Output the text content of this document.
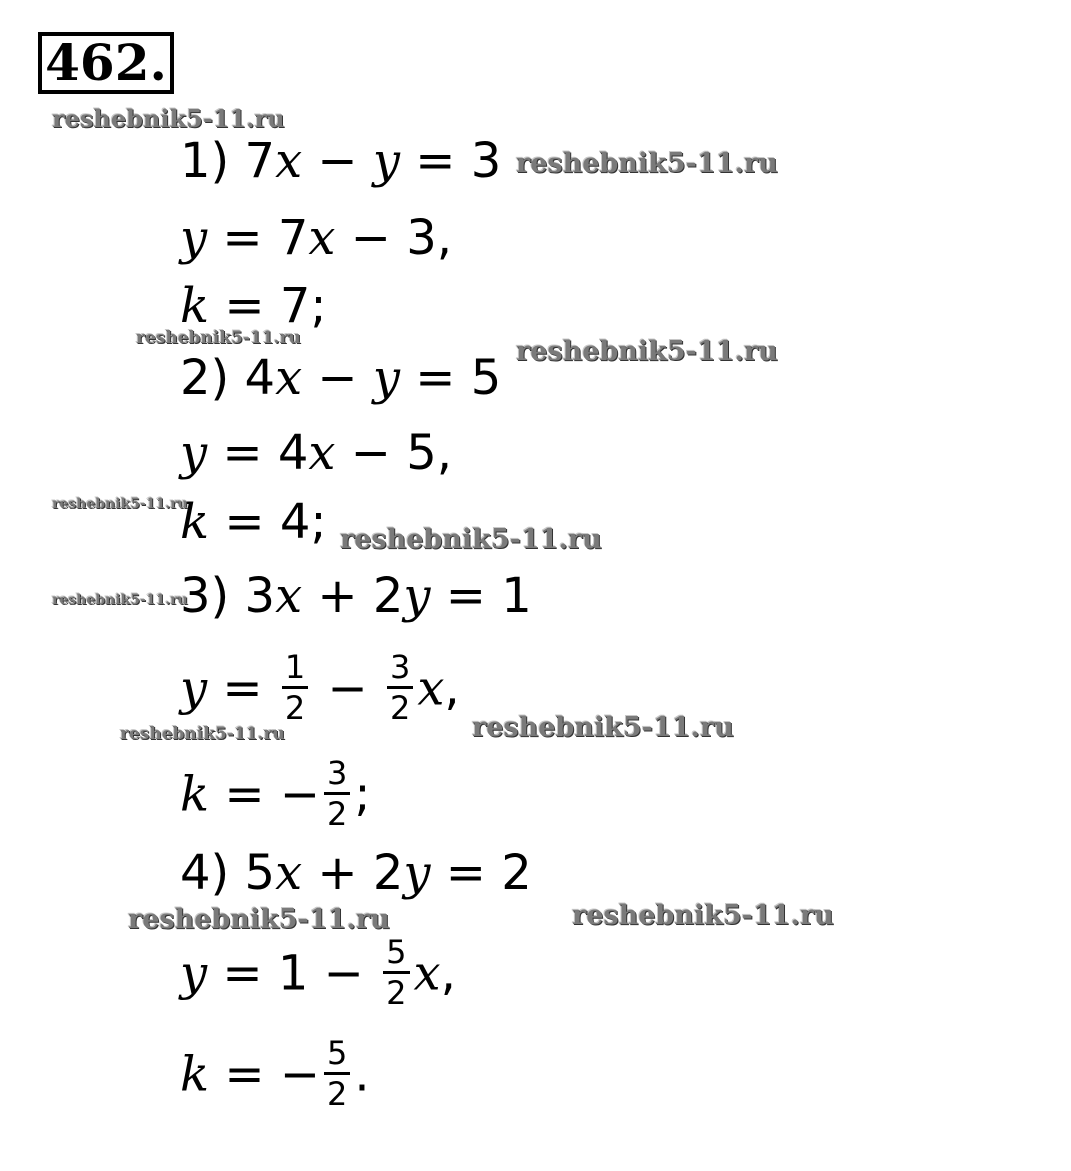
462.
1) 7x − y = 3
y = 7x − 3,
k = 7;
2) 4x − y = 5
y = 4x − 5,
k = 4;
3) 3x + 2y = 1
$y = \frac{1}{2} - \frac{3}{2} x$,
k = − $\frac{3}{2}$ ;
4) 5x + 2y = 2
$y = 1 - \frac{5}{2} x$,
k = − $\frac{5}{2}$ .
reshebnik5-11.ru
reshebnik5-11.ru
reshebnik5-11.ru	reshebnik5-11.ru
reshebnik5-11.ru
reshebnik5-11.ru
reshebnik5-11.ru
reshebnik5-11.ru	reshebnik5-11.ru
reshebnik5-11.ru	reshebnik5-11.ru
